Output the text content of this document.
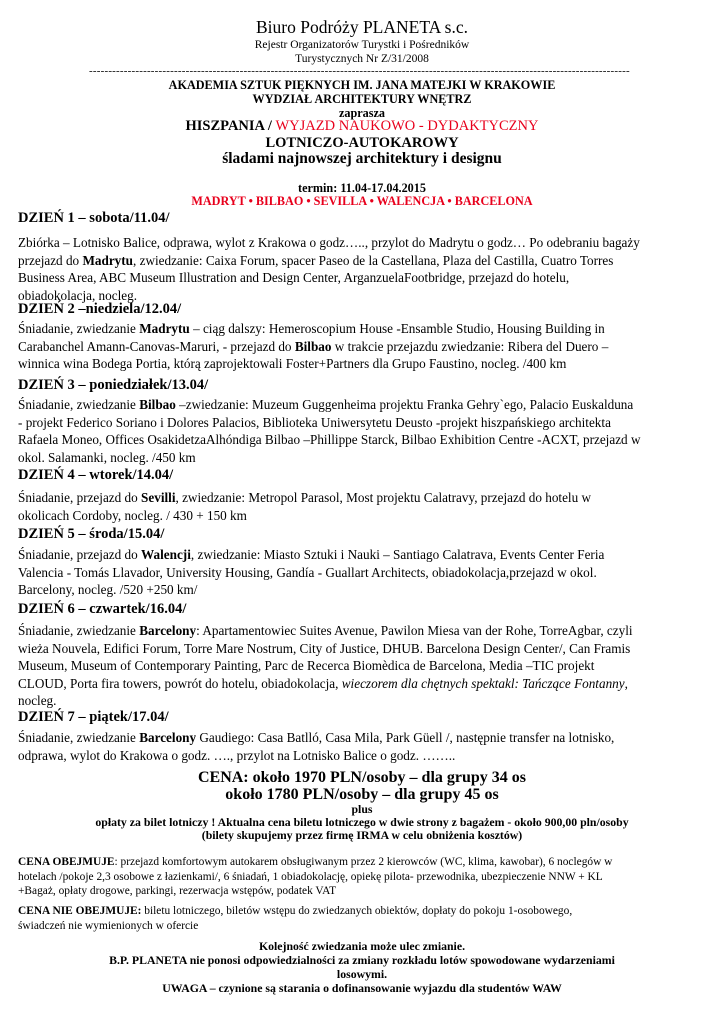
Biuro Podróży PLANETA s.c.
Rejestr Organizatorów Turystki i Pośredników
Turystycznych Nr Z/31/2008
--------------------------------------------------------------------------------------------------------------------------------------------
AKADEMIA SZTUK PIĘKNYCH IM. JANA MATEJKI W KRAKOWIE
WYDZIAŁ ARCHITEKTURY WNĘTRZ
zaprasza
HISZPANIA / WYJAZD NAUKOWO - DYDAKTYCZNY
LOTNICZO-AUTOKAROWY
śladami najnowszej architektury i designu
termin: 11.04-17.04.2015
MADRYT • BILBAO • SEVILLA • WALENCJA • BARCELONA
DZIEŃ 1 – sobota/11.04/
Zbiórka – Lotnisko Balice, odprawa, wylot z Krakowa o godz….., przylot do Madrytu o godz… Po odebraniu bagaży
przejazd do Madrytu, zwiedzanie: Caixa Forum, spacer Paseo de la Castellana, Plaza del Castilla, Cuatro Torres
Business Area, ABC Museum Illustration and Design Center, ArganzuelaFootbridge, przejazd do hotelu,
obiadokolacja, nocleg.
DZIEŃ 2 –niedziela/12.04/
Śniadanie, zwiedzanie Madrytu – ciąg dalszy: Hemeroscopium House -Ensamble Studio, Housing Building in
Carabanchel Amann-Canovas-Maruri, - przejazd do Bilbao w trakcie przejazdu zwiedzanie: Ribera del Duero –
winnica wina Bodega Portia, którą zaprojektowali Foster+Partners dla Grupo Faustino, nocleg. /400 km
DZIEŃ 3 – poniedziałek/13.04/
Śniadanie, zwiedzanie Bilbao –zwiedzanie: Muzeum Guggenheima projektu Franka Gehry`ego, Palacio Euskalduna
- projekt Federico Soriano i Dolores Palacios, Biblioteka Uniwersytetu Deusto -projekt hiszpańskiego architekta
Rafaela Moneo, Offices OsakidetzaAlhóndiga Bilbao –Phillippe Starck, Bilbao Exhibition Centre -ACXT, przejazd w
okol. Salamanki, nocleg. /450 km
DZIEŃ 4 – wtorek/14.04/
Śniadanie, przejazd do Sevilli, zwiedzanie: Metropol Parasol, Most projektu Calatravy, przejazd do hotelu w
okolicach Cordoby, nocleg. / 430 + 150 km
DZIEŃ 5 – środa/15.04/
Śniadanie, przejazd do Walencji, zwiedzanie: Miasto Sztuki i Nauki – Santiago Calatrava, Events Center Feria
Valencia - Tomás Llavador, University Housing, Gandía - Guallart Architects, obiadokolacja,przejazd w okol.
Barcelony, nocleg. /520 +250 km/
DZIEŃ 6 – czwartek/16.04/
Śniadanie, zwiedzanie Barcelony: Apartamentowiec Suites Avenue, Pawilon Miesa van der Rohe, TorreAgbar, czyli
wieża Nouvela, Edifici Forum, Torre Mare Nostrum, City of Justice, DHUB. Barcelona Design Center/, Can Framis
Museum, Museum of Contemporary Painting, Parc de Recerca Biomèdica de Barcelona, Media –TIC projekt
CLOUD, Porta fira towers, powrót do hotelu, obiadokolacja, wieczorem dla chętnych spektakl: Tańczące Fontanny,
nocleg.
DZIEŃ 7 – piątek/17.04/
Śniadanie, zwiedzanie Barcelony Gaudiego: Casa Batlló, Casa Mila, Park Güell /, następnie transfer na lotnisko,
odprawa, wylot do Krakowa o godz. …., przylot na Lotnisko Balice o godz. ……..
CENA: około 1970 PLN/osoby – dla grupy 34 os
około 1780 PLN/osoby – dla grupy 45 os
plus
opłaty za bilet lotniczy ! Aktualna cena biletu lotniczego w dwie strony z bagażem - około 900,00 pln/osoby
(bilety skupujemy przez firmę IRMA w celu obniżenia kosztów)
CENA OBEJMUJE: przejazd komfortowym autokarem obsługiwanym przez 2 kierowców (WC, klima, kawobar), 6 noclegów w
hotelach /pokoje 2,3 osobowe z łazienkami/, 6 śniadań, 1 obiadokolację, opiekę pilota- przewodnika, ubezpieczenie NNW + KL
+Bagaż, opłaty drogowe, parkingi, rezerwacja wstępów, podatek VAT
CENA NIE OBEJMUJE: biletu lotniczego, biletów wstępu do zwiedzanych obiektów, dopłaty do pokoju 1-osobowego,
świadczeń nie wymienionych w ofercie
Kolejność zwiedzania może ulec zmianie.
B.P. PLANETA nie ponosi odpowiedzialności za zmiany rozkładu lotów spowodowane wydarzeniami
losowymi.
UWAGA – czynione są starania o dofinansowanie wyjazdu dla studentów WAW
